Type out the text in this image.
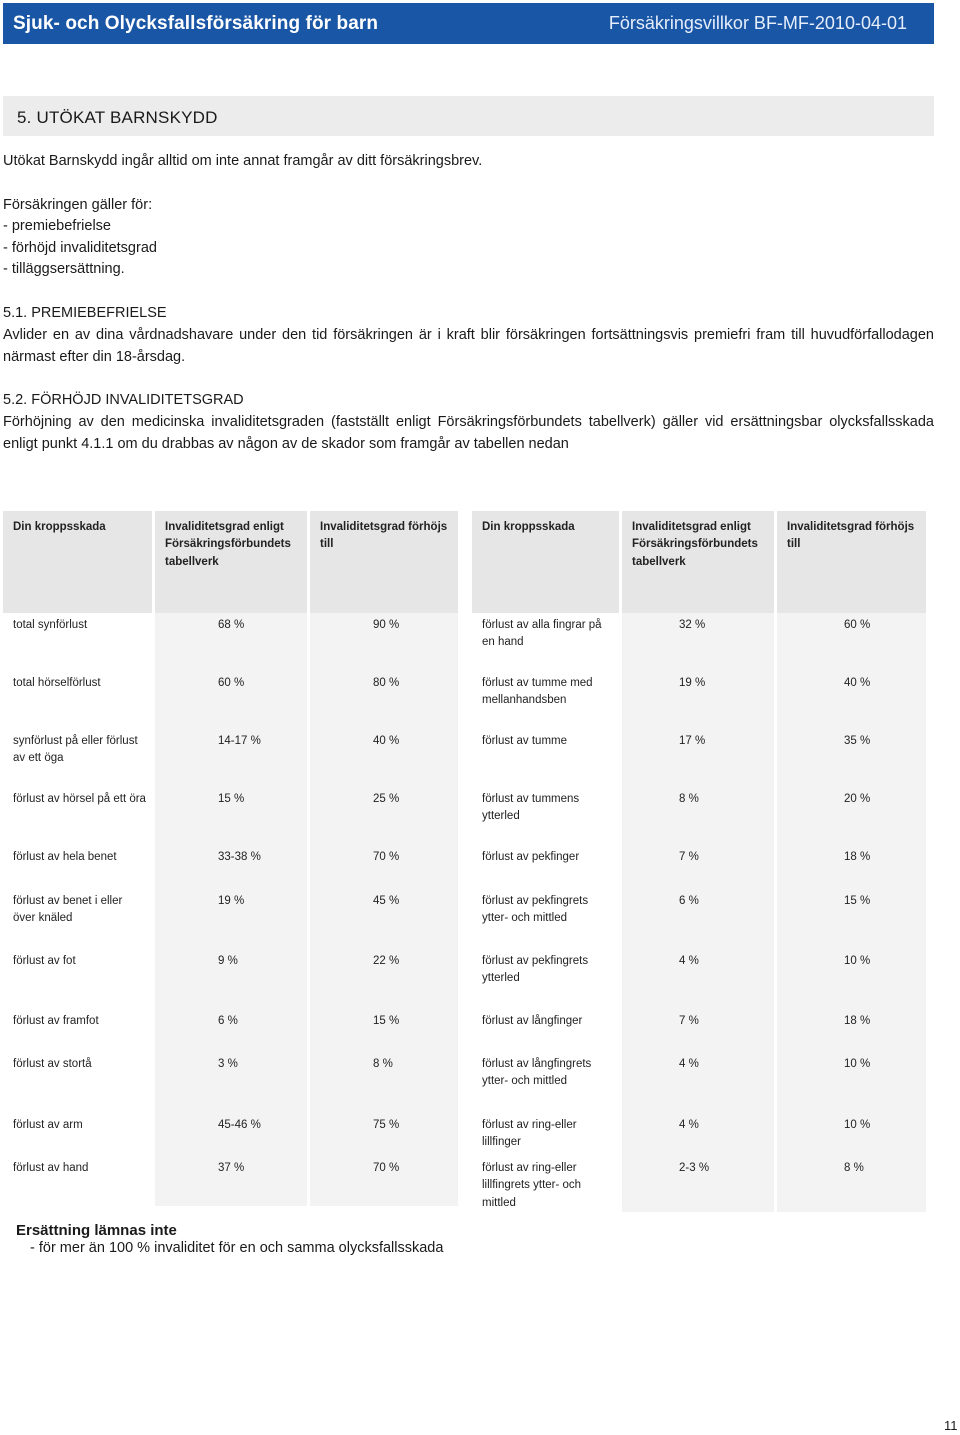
Sjuk- och Olycksfallsförsäkring för barn	Försäkringsvillkor BF-MF-2010-04-01
5. UTÖKAT BARNSKYDD

Utökat Barnskydd ingår alltid om inte annat framgår av ditt försäkringsbrev.

Försäkringen gäller för:

- premiebefrielse

- förhöjd invaliditetsgrad

- tilläggsersättning.

5.1. PREMIEBEFRIELSE

Avlider en av dina vårdnadshavare under den tid försäkringen är i kraft blir försäkringen fortsättningsvis premiefri fram till huvudförfallodagen närmast efter din 18-årsdag.

5.2. FÖRHÖJD INVALIDITETSGRAD

Förhöjning av den medicinska invaliditetsgraden (fastställt enligt Försäkringsförbundets tabellverk) gäller vid ersättningsbar olycksfallsskada enligt punkt 4.1.1 om du drabbas av någon av de skador som framgår av tabellen nedan

Din kroppsskada	Invaliditetsgrad enligt Försäkringsförbundets tabellverk	Invaliditetsgrad förhöjs till
total synförlust	68 %	90 %
total hörselförlust	60 %	80 %
synförlust på eller förlust av ett öga	14-17 %	40 %
förlust av hörsel på ett öra	15 %	25 %
förlust av hela benet	33-38 %	70 %
förlust av benet i eller över knäled	19 %	45 %
förlust av fot	9 %	22 %
förlust av framfot	6 %	15 %
förlust av stortå	3 %	8 %
förlust av arm	45-46 %	75 %
förlust av hand	37 %	70 %
Din kroppsskada	Invaliditetsgrad enligt Försäkringsförbundets tabellverk	Invaliditetsgrad förhöjs till
förlust av alla fingrar på en hand	32 %	60 %
förlust av tumme med mellanhandsben	19 %	40 %
förlust av tumme	17 %	35 %
förlust av tummens ytterled	8 %	20 %
förlust av pekfinger	7 %	18 %
förlust av pekfingrets ytter- och mittled	6 %	15 %
förlust av pekfingrets ytterled	4 %	10 %
förlust av långfinger	7 %	18 %
förlust av långfingrets ytter- och mittled	4 %	10 %
förlust av ring-eller lillfinger	4 %	10 %
förlust av ring-eller lillfingrets ytter- och mittled	2-3 %	8 %
Ersättning lämnas inte
- för mer än 100 % invaliditet för en och samma olycksfallsskada
11
